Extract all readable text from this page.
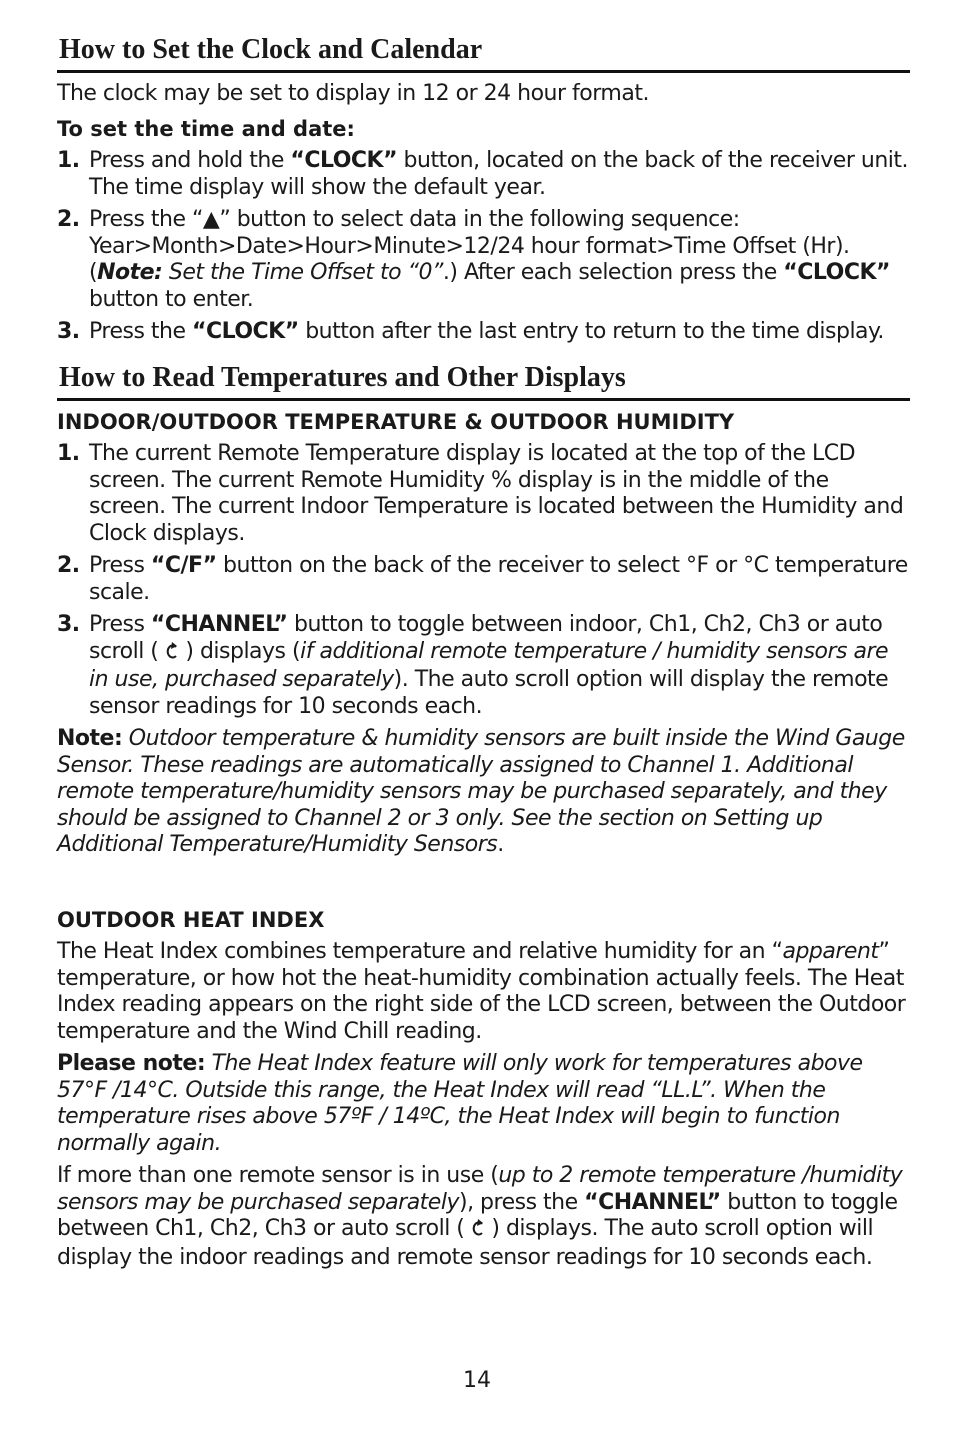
How to Set the Clock and Calendar

The clock may be set to display in 12 or 24 hour format.

To set the time and date:

1. Press and hold the “CLOCK” button, located on the back of the receiver unit. The time display will show the default year.
2. Press the “▲” button to select data in the following sequence: Year>Month>Date>Hour>Minute>12/24 hour format>Time Offset (Hr). (Note: Set the Time Offset to “0”.) After each selection press the “CLOCK” button to enter.
3. Press the “CLOCK” button after the last entry to return to the time display.
How to Read Temperatures and Other Displays

INDOOR/OUTDOOR TEMPERATURE & OUTDOOR HUMIDITY

1. The current Remote Temperature display is located at the top of the LCD screen. The current Remote Humidity % display is in the middle of the screen. The current Indoor Temperature is located between the Humidity and Clock displays.
2. Press “C/F” button on the back of the receiver to select °F or °C temperature scale.
3. Press “CHANNEL” button to toggle between indoor, Ch1, Ch2, Ch3 or auto scroll (  ) displays (if additional remote temperature / humidity sensors are in use, purchased separately). The auto scroll option will display the remote sensor readings for 10 seconds each.

Note: Outdoor temperature & humidity sensors are built inside the Wind Gauge Sensor. These readings are automatically assigned to Channel 1. Additional remote temperature/humidity sensors may be purchased separately, and they should be assigned to Channel 2 or 3 only. See the section on Setting up Additional Temperature/Humidity Sensors.

OUTDOOR HEAT INDEX

The Heat Index combines temperature and relative humidity for an “apparent” temperature, or how hot the heat-humidity combination actually feels. The Heat Index reading appears on the right side of the LCD screen, between the Outdoor temperature and the Wind Chill reading.

Please note: The Heat Index feature will only work for temperatures above 57°F /14°C. Outside this range, the Heat Index will read “LL.L”. When the temperature rises above 57ºF / 14ºC, the Heat Index will begin to function normally again.

If more than one remote sensor is in use (up to 2 remote temperature /humidity sensors may be purchased separately), press the “CHANNEL” button to toggle between Ch1, Ch2, Ch3 or auto scroll (  ) displays. The auto scroll option will display the indoor readings and remote sensor readings for 10 seconds each.

14
